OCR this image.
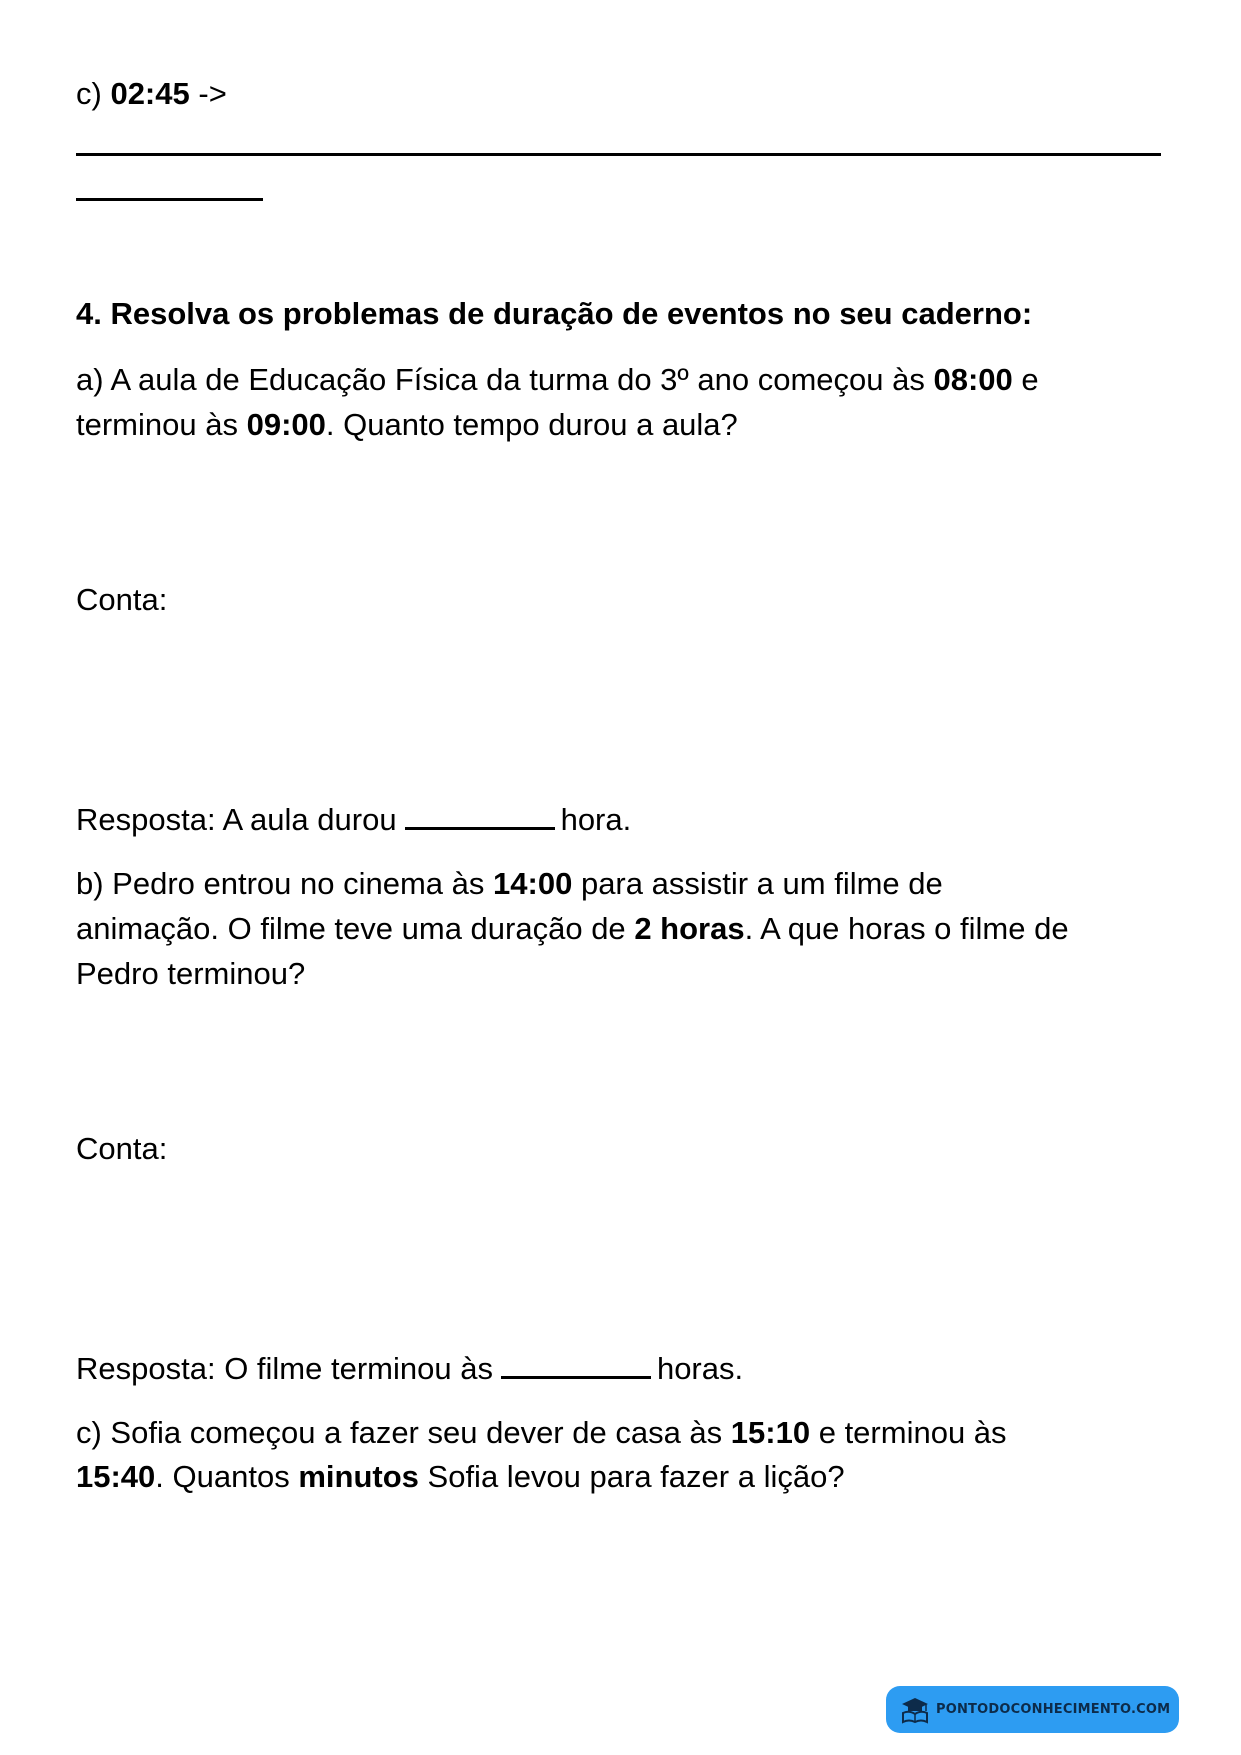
c) 02:45 ->
4. Resolva os problemas de duração de eventos no seu caderno:
a) A aula de Educação Física da turma do 3º ano começou às 08:00 e
terminou às 09:00. Quanto tempo durou a aula?
Conta:
Resposta: A aula durou	hora.
b) Pedro entrou no cinema às 14:00 para assistir a um filme de
animação. O filme teve uma duração de 2 horas. A que horas o filme de
Pedro terminou?
Conta:
Resposta: O filme terminou às	horas.
c) Sofia começou a fazer seu dever de casa às 15:10 e terminou às
15:40. Quantos minutos Sofia levou para fazer a lição?
PONTODOCONHECIMENTO.COM
